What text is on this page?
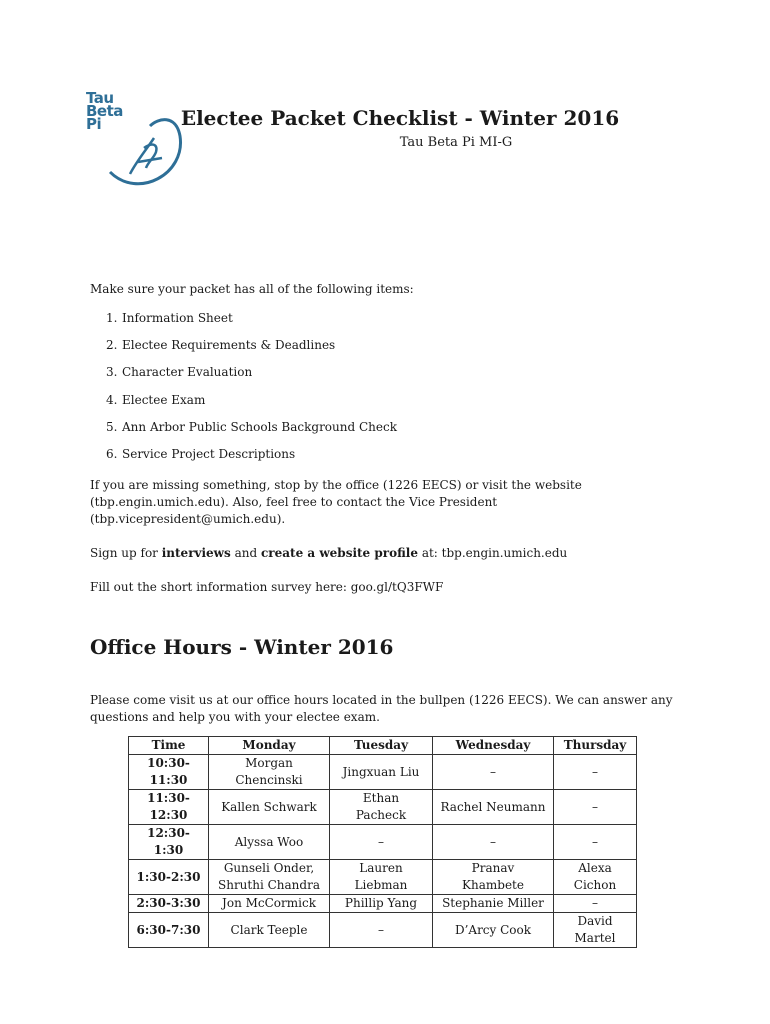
Tau
Beta
Pi	Electee Packet Checklist - Winter 2016
Tau Beta Pi MI-G
Make sure your packet has all of the following items:
1. Information Sheet
2. Electee Requirements & Deadlines
3. Character Evaluation
4. Electee Exam
5. Ann Arbor Public Schools Background Check
6. Service Project Descriptions
If you are missing something, stop by the office (1226 EECS) or visit the website (tbp.engin.umich.edu). Also, feel free to contact the Vice President (tbp.vicepresident@umich.edu).
Sign up for interviews and create a website profile at: tbp.engin.umich.edu
Fill out the short information survey here: goo.gl/tQ3FWF
Office Hours - Winter 2016
Please come visit us at our office hours located in the bullpen (1226 EECS). We can answer any questions and help you with your electee exam.
Time	Monday	Tuesday	Wednesday	Thursday
10:30-11:30	Morgan Chencinski	Jingxuan Liu	–	–
11:30-12:30	Kallen Schwark	Ethan Pacheck	Rachel Neumann	–
12:30-1:30	Alyssa Woo	–	–	–
1:30-2:30	Gunseli Onder, Shruthi Chandra	Lauren Liebman	Pranav Khambete	Alexa Cichon
2:30-3:30	Jon McCormick	Phillip Yang	Stephanie Miller	–
6:30-7:30	Clark Teeple	–	D’Arcy Cook	David Martel
